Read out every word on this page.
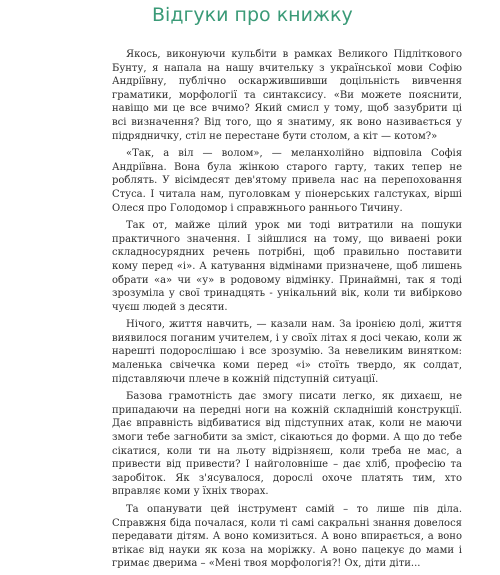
Відгуки про книжку

Якось, виконуючи кульбіти в рамках Великого Підліткового Бунту, я напала на нашу вчительку з української мови Софію Андріївну, публічно оскаржившивши доцільність вивчення граматики, морфології та синтаксису. «Ви можете пояснити, навіщо ми це все вчимо? Який смисл у тому, щоб зазубрити ці всі визначення? Від того, що я знатиму, як воно називається у підрядничку, стіл не перестане бути столом, а кіт — котом?»

«Так, а віл — волом», — меланхолійно відповіла Софія Андріївна. Вона була жінкою старого гарту, таких тепер не роблять. У вісімдесят дев'ятому привела нас на перепоховання Стуса. І читала нам, пуголовкам у піонерських галстуках, вірші Олеся про Голодомор і справжнього раннього Тичину.

Так от, майже цілий урок ми тоді витратили на пошуки практичного значення. І зійшлися на тому, що виваені роки складносурядних речень потрібні, щоб правильно поставити кому перед «і». А катування відмінами призначене, щоб лишень обрати «а» чи «у» в родовому відмінку. Принаймні, так я тоді зрозуміла у свої тринадцять - унікальний вік, коли ти вибірково чуєш людей з десяти.

Нічого, життя навчить, — казали нам. За іронією долі, життя виявилося поганим учителем, і у своїх літах я досі чекаю, коли ж нарешті подорослішаю і все зрозумію. За невеликим винятком: маленька свічечка коми перед «і» стоїть твердо, як солдат, підставляючи плече в кожній підступній ситуації.

Базова грамотність дає змогу писати легко, як дихаєш, не припадаючи на передні ноги на кожній складнішій конструкції. Дає вправність відбиватися від підступних атак, коли не маючи змоги тебе загнобити за зміст, сікаються до форми. А що до тебе сікатися, коли ти на льоту відрізняєш, коли треба не мас, а привести від привести? І найголовніше – дає хліб, професію та заробіток. Як з'ясувалося, дорослі охоче платять тим, хто вправляє коми у їхніх творах.

Та опанувати цей інструмент самій – то лише пів діла. Справжня біда почалася, коли ті самі сакральні знання довелося передавати дітям. А воно комизиться. А воно впирається, а воно втікає від науки як коза на моріжку. А воно пацекує до мами і гримає дверима – «Мені твоя морфологія?! Ох, діти діти...
